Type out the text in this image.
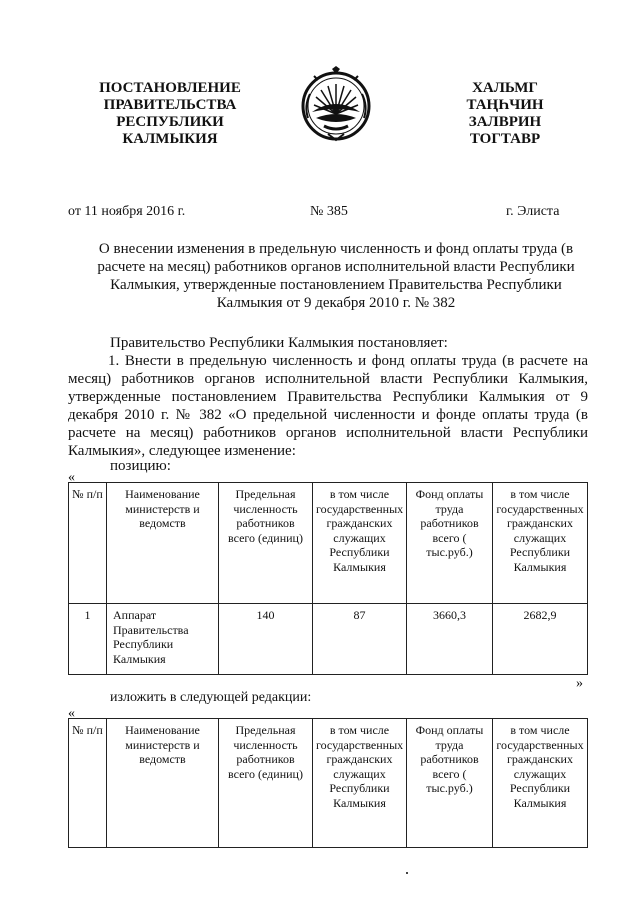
ПОСТАНОВЛЕНИЕ
ПРАВИТЕЛЬСТВА
РЕСПУБЛИКИ
КАЛМЫКИЯ
ХАЛЬМГ
ТАҢҺЧИН
ЗАЛВРИН
ТОГТАВР
от 11 ноября 2016 г.	№ 385	г. Элиста
О внесении изменения в предельную численность и фонд оплаты труда (в расчете на месяц) работников органов исполнительной власти Республики Калмыкия, утвержденные постановлением Правительства Республики Калмыкия от 9 декабря 2010 г. № 382
Правительство Республики Калмыкия постановляет:

1. Внести в предельную численность и фонд оплаты труда (в расчете на месяц) работников органов исполнительной власти Республики Калмыкия, утвержденные постановлением Правительства Республики Калмыкия от 9 декабря 2010 г. № 382 «О предельной численности и фонде оплаты труда (в расчете на месяц) работников органов исполнительной власти Республики Калмыкия», следующее изменение:

позицию:
«
№ п/п	Наименование министерств и ведомств	Предельная численность работников всего (единиц)	в том числе государственных гражданских служащих Республики Калмыкия	Фонд оплаты труда работников всего ( тыс.руб.)	в том числе государственных гражданских служащих Республики Калмыкия
1	Аппарат Правительства Республики Калмыкия	140	87	3660,3	2682,9
»
изложить в следующей редакции:
«
№ п/п	Наименование министерств и ведомств	Предельная численность работников всего (единиц)	в том числе государственных гражданских служащих Республики Калмыкия	Фонд оплаты труда работников всего ( тыс.руб.)	в том числе государственных гражданских служащих Республики Калмыкия
